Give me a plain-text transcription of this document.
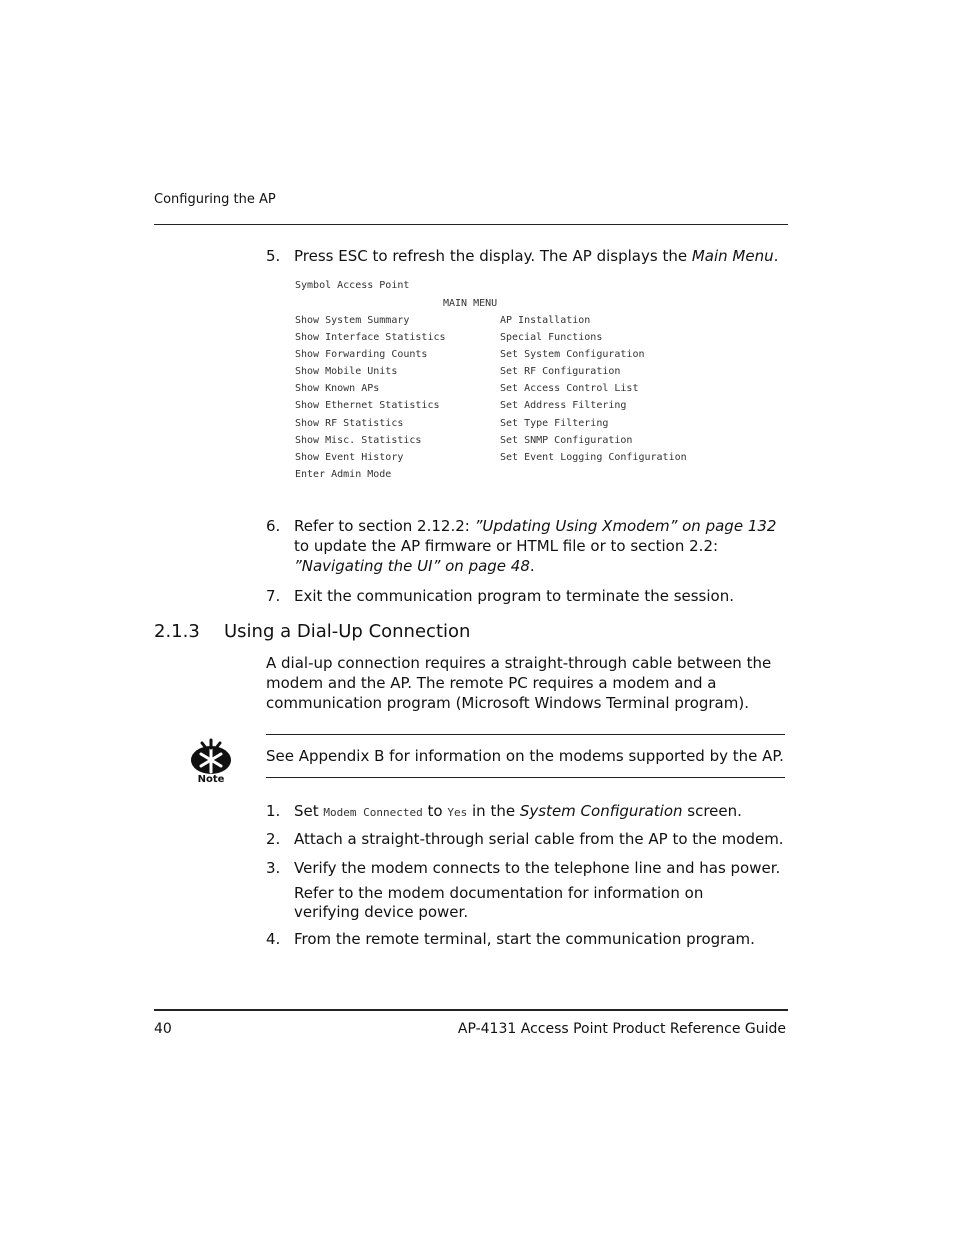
Configuring the AP
5. Press ESC to refresh the display. The AP displays the Main Menu.
Symbol Access Point
MAIN MENU
Show System Summary
Show Interface Statistics
Show Forwarding Counts
Show Mobile Units
Show Known APs
Show Ethernet Statistics
Show RF Statistics
Show Misc. Statistics
Show Event History
Enter Admin Mode
AP Installation
Special Functions
Set System Configuration
Set RF Configuration
Set Access Control List
Set Address Filtering
Set Type Filtering
Set SNMP Configuration
Set Event Logging Configuration
6. Refer to section 2.12.2: ”Updating Using Xmodem” on page 132 to update the AP firmware or HTML file or to section 2.2: ”Navigating the UI” on page 48.
7. Exit the communication program to terminate the session.
2.1.3 Using a Dial-Up Connection
A dial-up connection requires a straight-through cable between the modem and the AP. The remote PC requires a modem and a communication program (Microsoft Windows Terminal program).
Note
See Appendix B for information on the modems supported by the AP.
1. Set Modem Connected to Yes in the System Configuration screen.
2. Attach a straight-through serial cable from the AP to the modem.
3. Verify the modem connects to the telephone line and has power.
Refer to the modem documentation for information on verifying device power.
4. From the remote terminal, start the communication program.
40	AP-4131 Access Point Product Reference Guide
